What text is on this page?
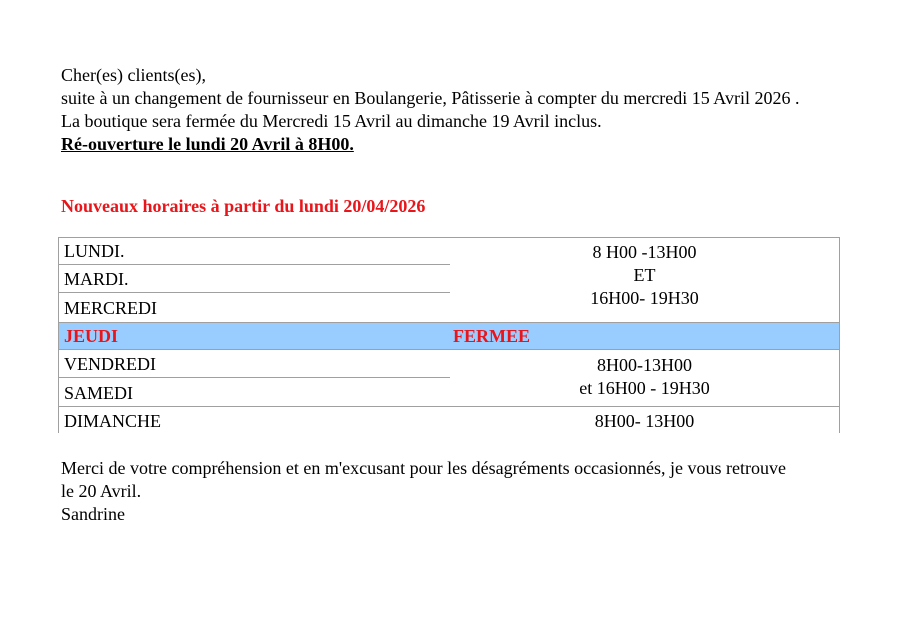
Cher(es) clients(es),

suite à un changement de fournisseur en Boulangerie, Pâtisserie à compter du mercredi 15 Avril 2026 .

La boutique sera fermée du Mercredi 15 Avril au dimanche 19 Avril inclus.

Ré-ouverture le lundi 20 Avril à 8H00.

Nouveaux horaires à partir du lundi 20/04/2026
LUNDI.
MARDI.
MERCREDI
8 H00 -13H00
ET
16H00- 19H30
JEUDI	FERMEE
VENDREDI
SAMEDI
8H00-13H00
et 16H00 - 19H30
DIMANCHE	8H00- 13H00

Merci de votre compréhension et en m'excusant pour les désagréments occasionnés, je vous retrouve

le 20 Avril.

Sandrine
